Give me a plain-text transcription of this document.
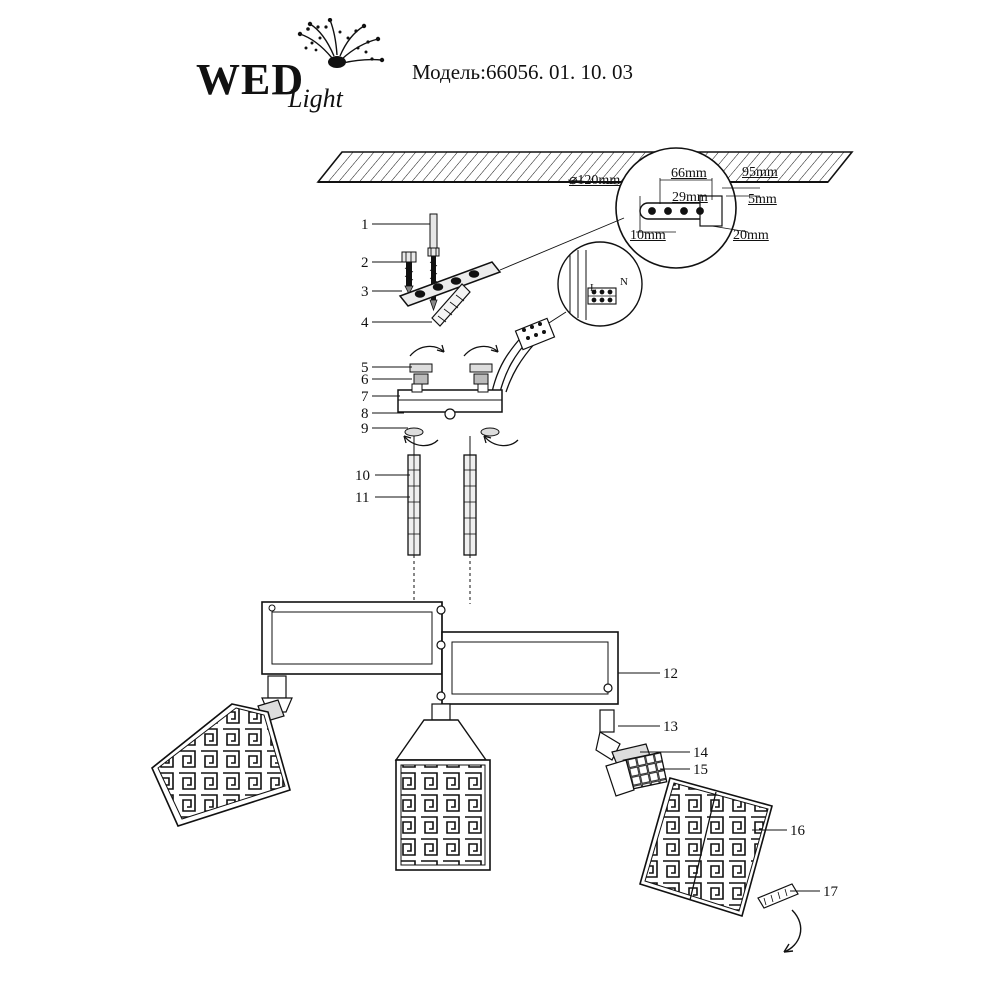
WED
Light
Модель:66056. 01. 10. 03
1
2
3
4
5
6
7
8
9
10
11
12
13
14
15
16
17
⌀120mm	66mm	95mm
29mm	5mm
10mm	20mm
L N
